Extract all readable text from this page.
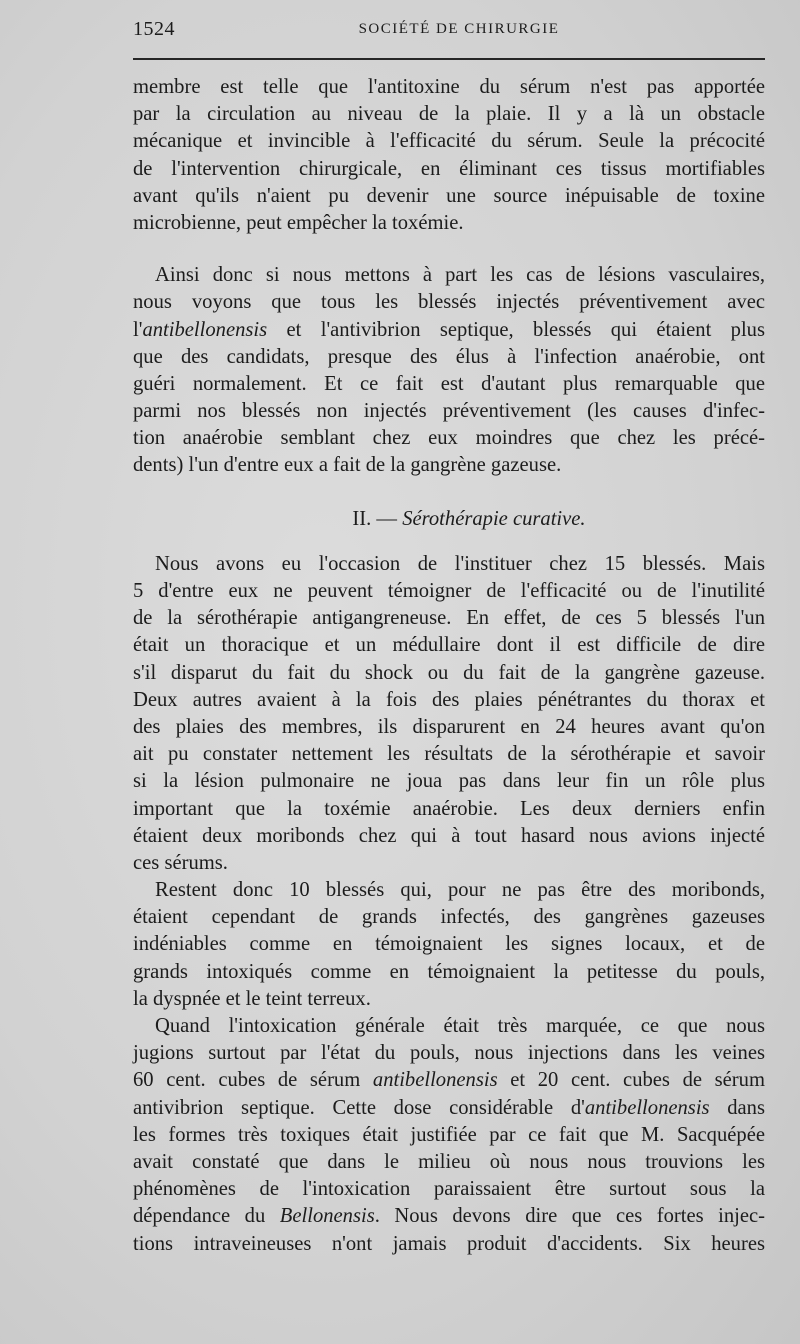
1524	SOCIÉTÉ DE CHIRURGIE
membre est telle que l'antitoxine du sérum n'est pas apportée
par la circulation au niveau de la plaie. Il y a là un obstacle
mécanique et invincible à l'efficacité du sérum. Seule la précocité
de l'intervention chirurgicale, en éliminant ces tissus mortifiables
avant qu'ils n'aient pu devenir une source inépuisable de toxine
microbienne, peut empêcher la toxémie.
Ainsi donc si nous mettons à part les cas de lésions vasculaires,
nous voyons que tous les blessés injectés préventivement avec
l'antibellonensis et l'antivibrion septique, blessés qui étaient plus
que des candidats, presque des élus à l'infection anaérobie, ont
guéri normalement. Et ce fait est d'autant plus remarquable que
parmi nos blessés non injectés préventivement (les causes d'infec-
tion anaérobie semblant chez eux moindres que chez les précé-
dents) l'un d'entre eux a fait de la gangrène gazeuse.
II. — Sérothérapie curative.
Nous avons eu l'occasion de l'instituer chez 15 blessés. Mais
5 d'entre eux ne peuvent témoigner de l'efficacité ou de l'inutilité
de la sérothérapie antigangreneuse. En effet, de ces 5 blessés l'un
était un thoracique et un médullaire dont il est difficile de dire
s'il disparut du fait du shock ou du fait de la gangrène gazeuse.
Deux autres avaient à la fois des plaies pénétrantes du thorax et
des plaies des membres, ils disparurent en 24 heures avant qu'on
ait pu constater nettement les résultats de la sérothérapie et savoir
si la lésion pulmonaire ne joua pas dans leur fin un rôle plus
important que la toxémie anaérobie. Les deux derniers enfin
étaient deux moribonds chez qui à tout hasard nous avions injecté
ces sérums.
Restent donc 10 blessés qui, pour ne pas être des moribonds,
étaient cependant de grands infectés, des gangrènes gazeuses
indéniables comme en témoignaient les signes locaux, et de
grands intoxiqués comme en témoignaient la petitesse du pouls,
la dyspnée et le teint terreux.
Quand l'intoxication générale était très marquée, ce que nous
jugions surtout par l'état du pouls, nous injections dans les veines
60 cent. cubes de sérum antibellonensis et 20 cent. cubes de sérum
antivibrion septique. Cette dose considérable d'antibellonensis dans
les formes très toxiques était justifiée par ce fait que M. Sacquépée
avait constaté que dans le milieu où nous nous trouvions les
phénomènes de l'intoxication paraissaient être surtout sous la
dépendance du Bellonensis. Nous devons dire que ces fortes injec-
tions intraveineuses n'ont jamais produit d'accidents. Six heures
